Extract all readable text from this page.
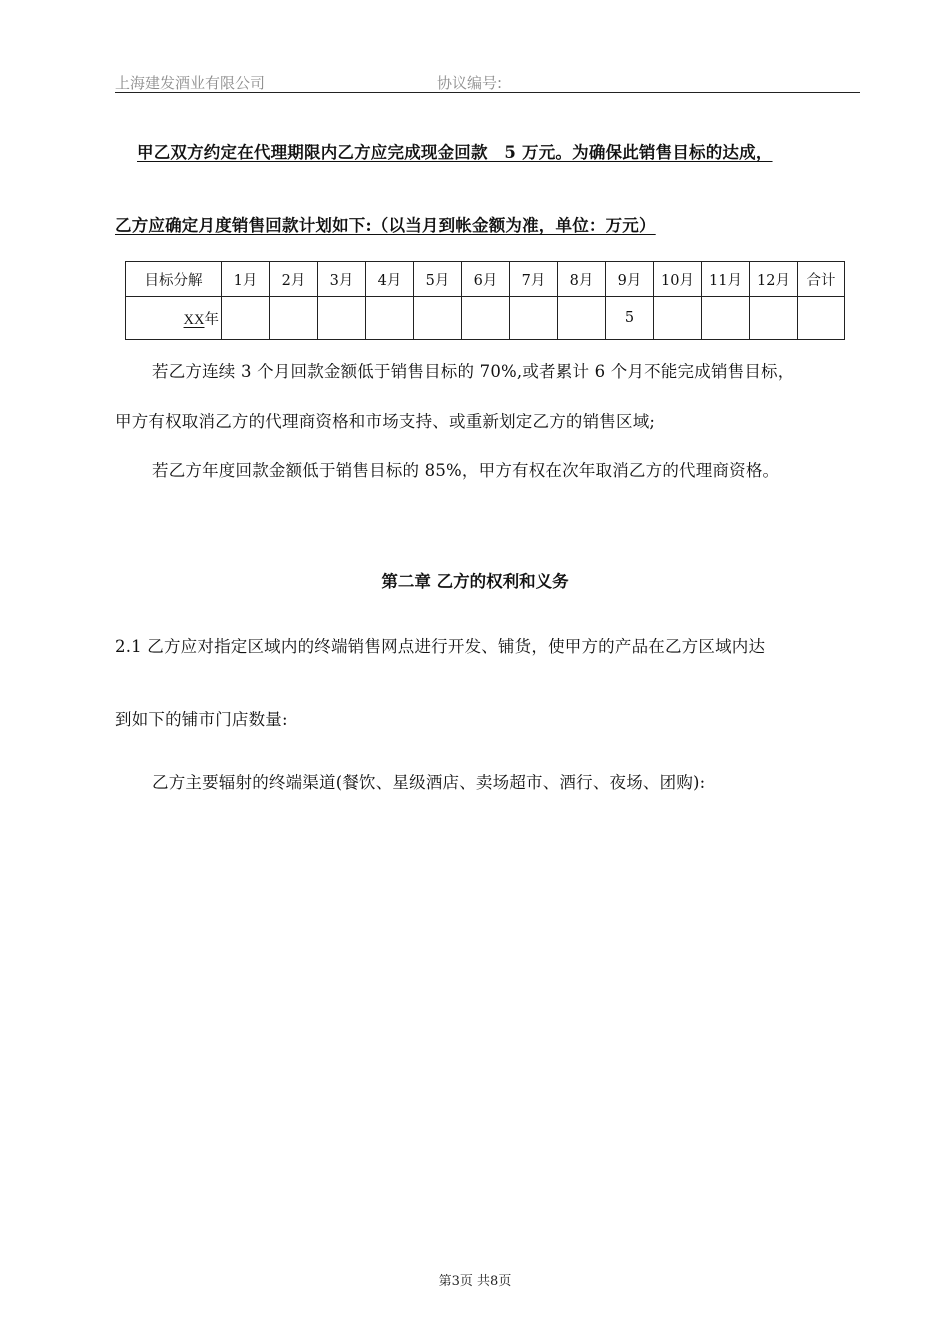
上海建发酒业有限公司	协议编号:
甲乙双方约定在代理期限内乙方应完成现金回款　5 万元。为确保此销售目标的达成，
乙方应确定月度销售回款计划如下:（以当月到帐金额为准，单位：万元）
目标分解	1月	2月	3月	4月	5月	6月	7月	8月	9月	10月	11月	12月	合计
XX年									5				
若乙方连续 3 个月回款金额低于销售目标的 70%,或者累计 6 个月不能完成销售目标，
甲方有权取消乙方的代理商资格和市场支持、或重新划定乙方的销售区域;
若乙方年度回款金额低于销售目标的 85%，甲方有权在次年取消乙方的代理商资格。
第二章 乙方的权利和义务
2.1 乙方应对指定区域内的终端销售网点进行开发、铺货，使甲方的产品在乙方区域内达
到如下的铺市门店数量:
乙方主要辐射的终端渠道(餐饮、星级酒店、卖场超市、酒行、夜场、团购):
第3页 共8页
